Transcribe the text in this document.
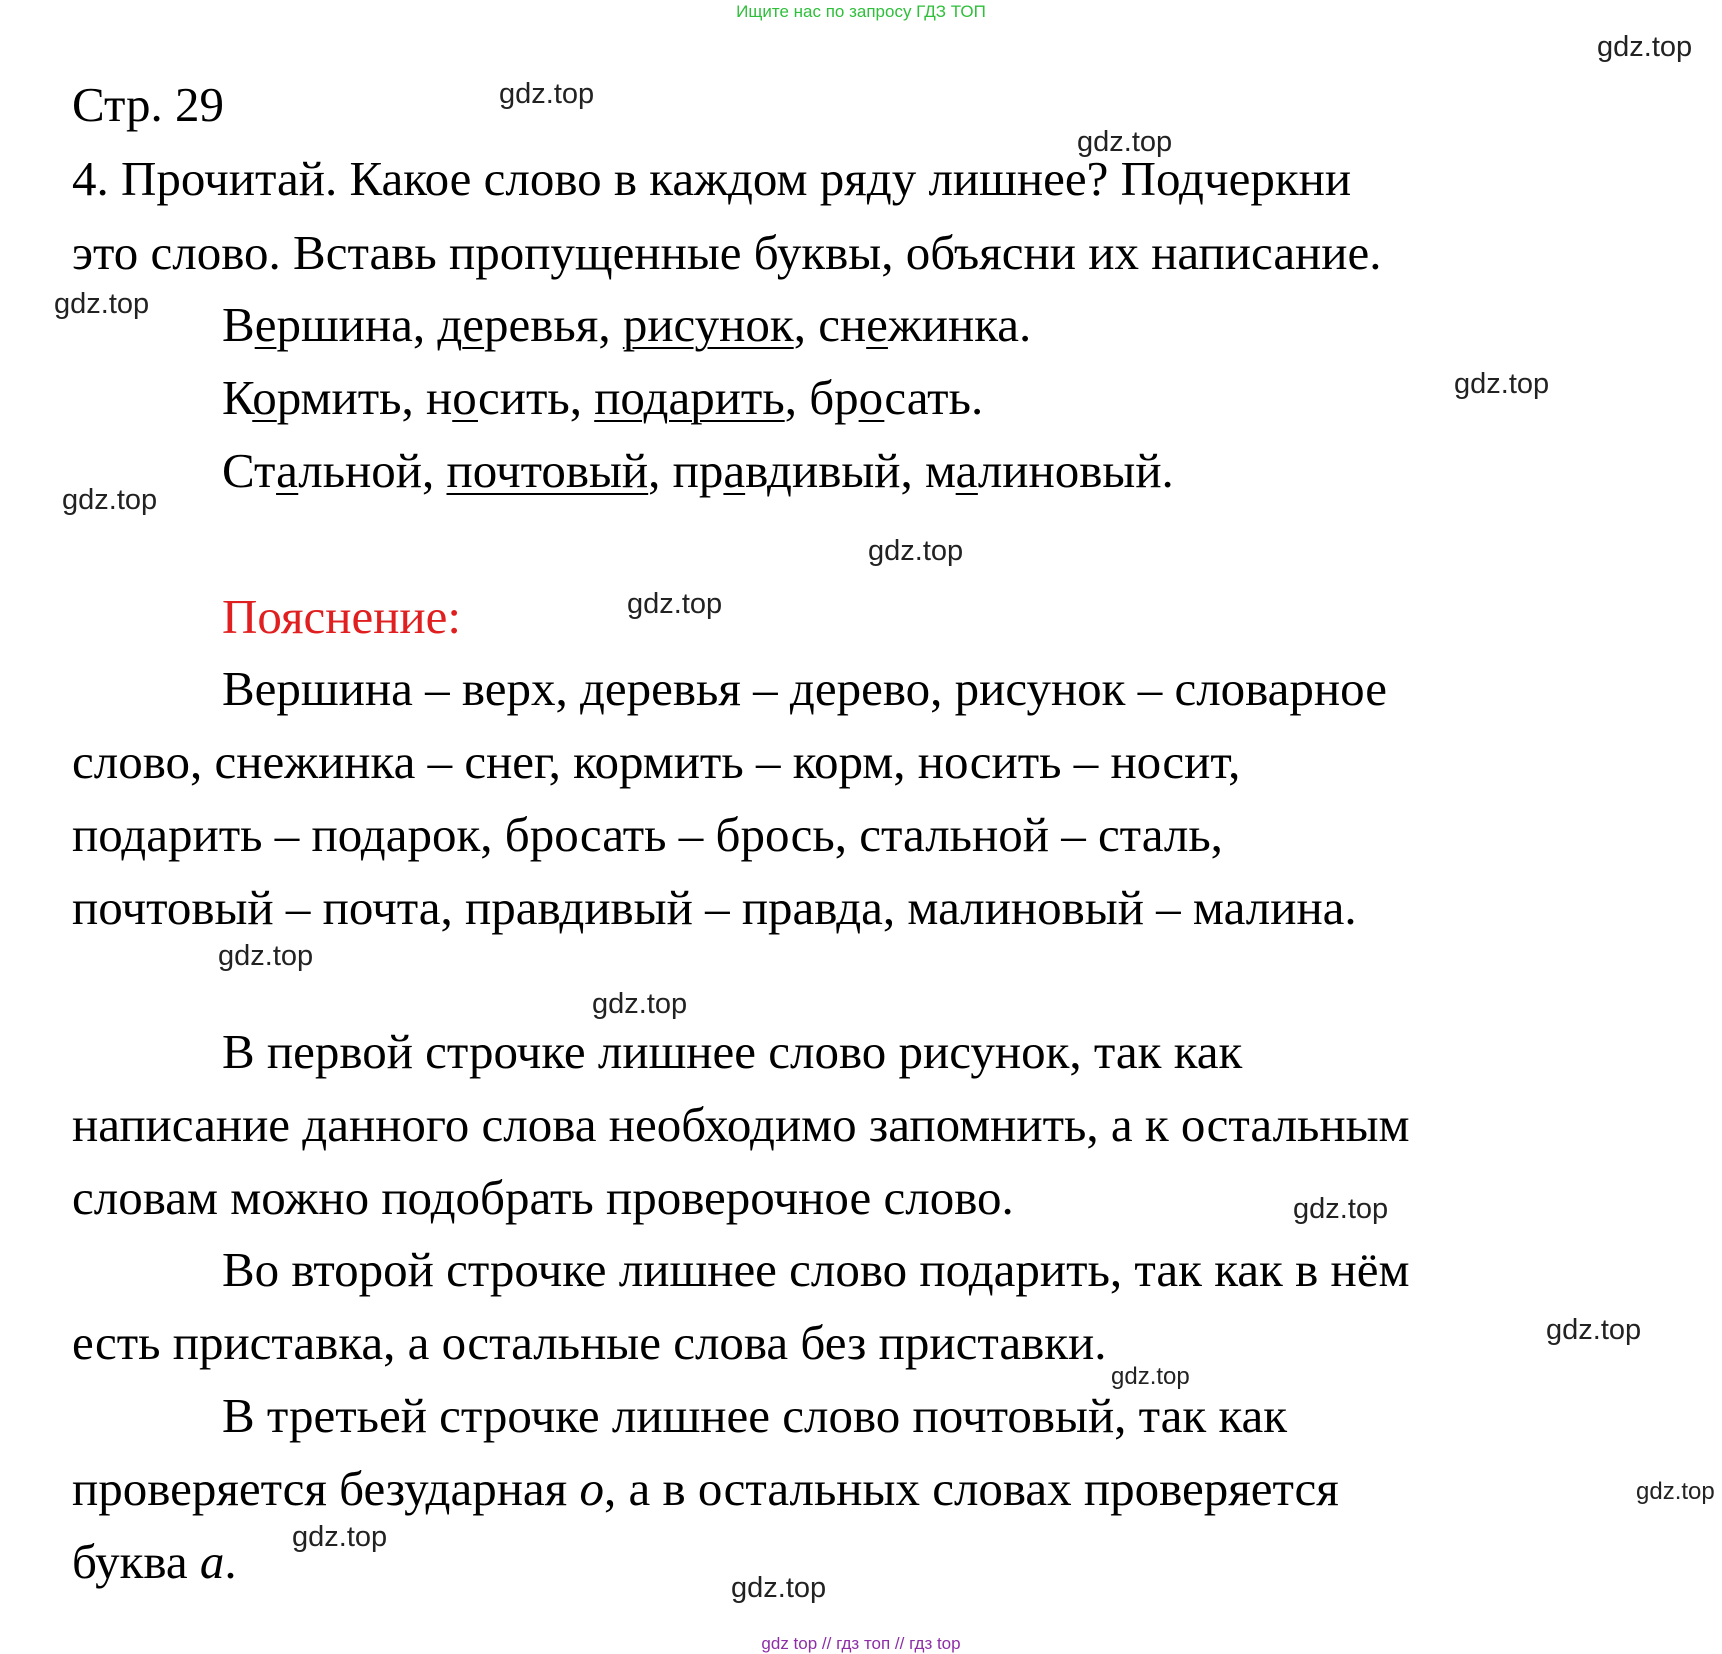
Ищите нас по запросу ГДЗ ТОП
Стр. 29
4. Прочитай. Какое слово в каждом ряду лишнее? Подчеркни
это слово. Вставь пропущенные буквы, объясни их написание.
Вершина, деревья, рисунок, снежинка.
Кормить, носить, подарить, бросать.
Стальной, почтовый, правдивый, малиновый.
Пояснение:
Вершина – верх, деревья – дерево, рисунок – словарное
слово, снежинка – снег, кормить – корм, носить – носит,
подарить – подарок, бросать – брось, стальной – сталь,
почтовый – почта, правдивый – правда, малиновый – малина.
В первой строчке лишнее слово рисунок, так как
написание данного слова необходимо запомнить, а к остальным
словам можно подобрать проверочное слово.
Во второй строчке лишнее слово подарить, так как в нём
есть приставка, а остальные слова без приставки.
В третьей строчке лишнее слово почтовый, так как
проверяется безударная о, а в остальных словах проверяется
буква а.
gdz.top
gdz.top
gdz.top
gdz.top
gdz.top
gdz.top
gdz.top
gdz.top
gdz.top
gdz.top
gdz.top
gdz.top
gdz.top
gdz.top
gdz.top
gdz.top
gdz top // гдз топ // гдз top
